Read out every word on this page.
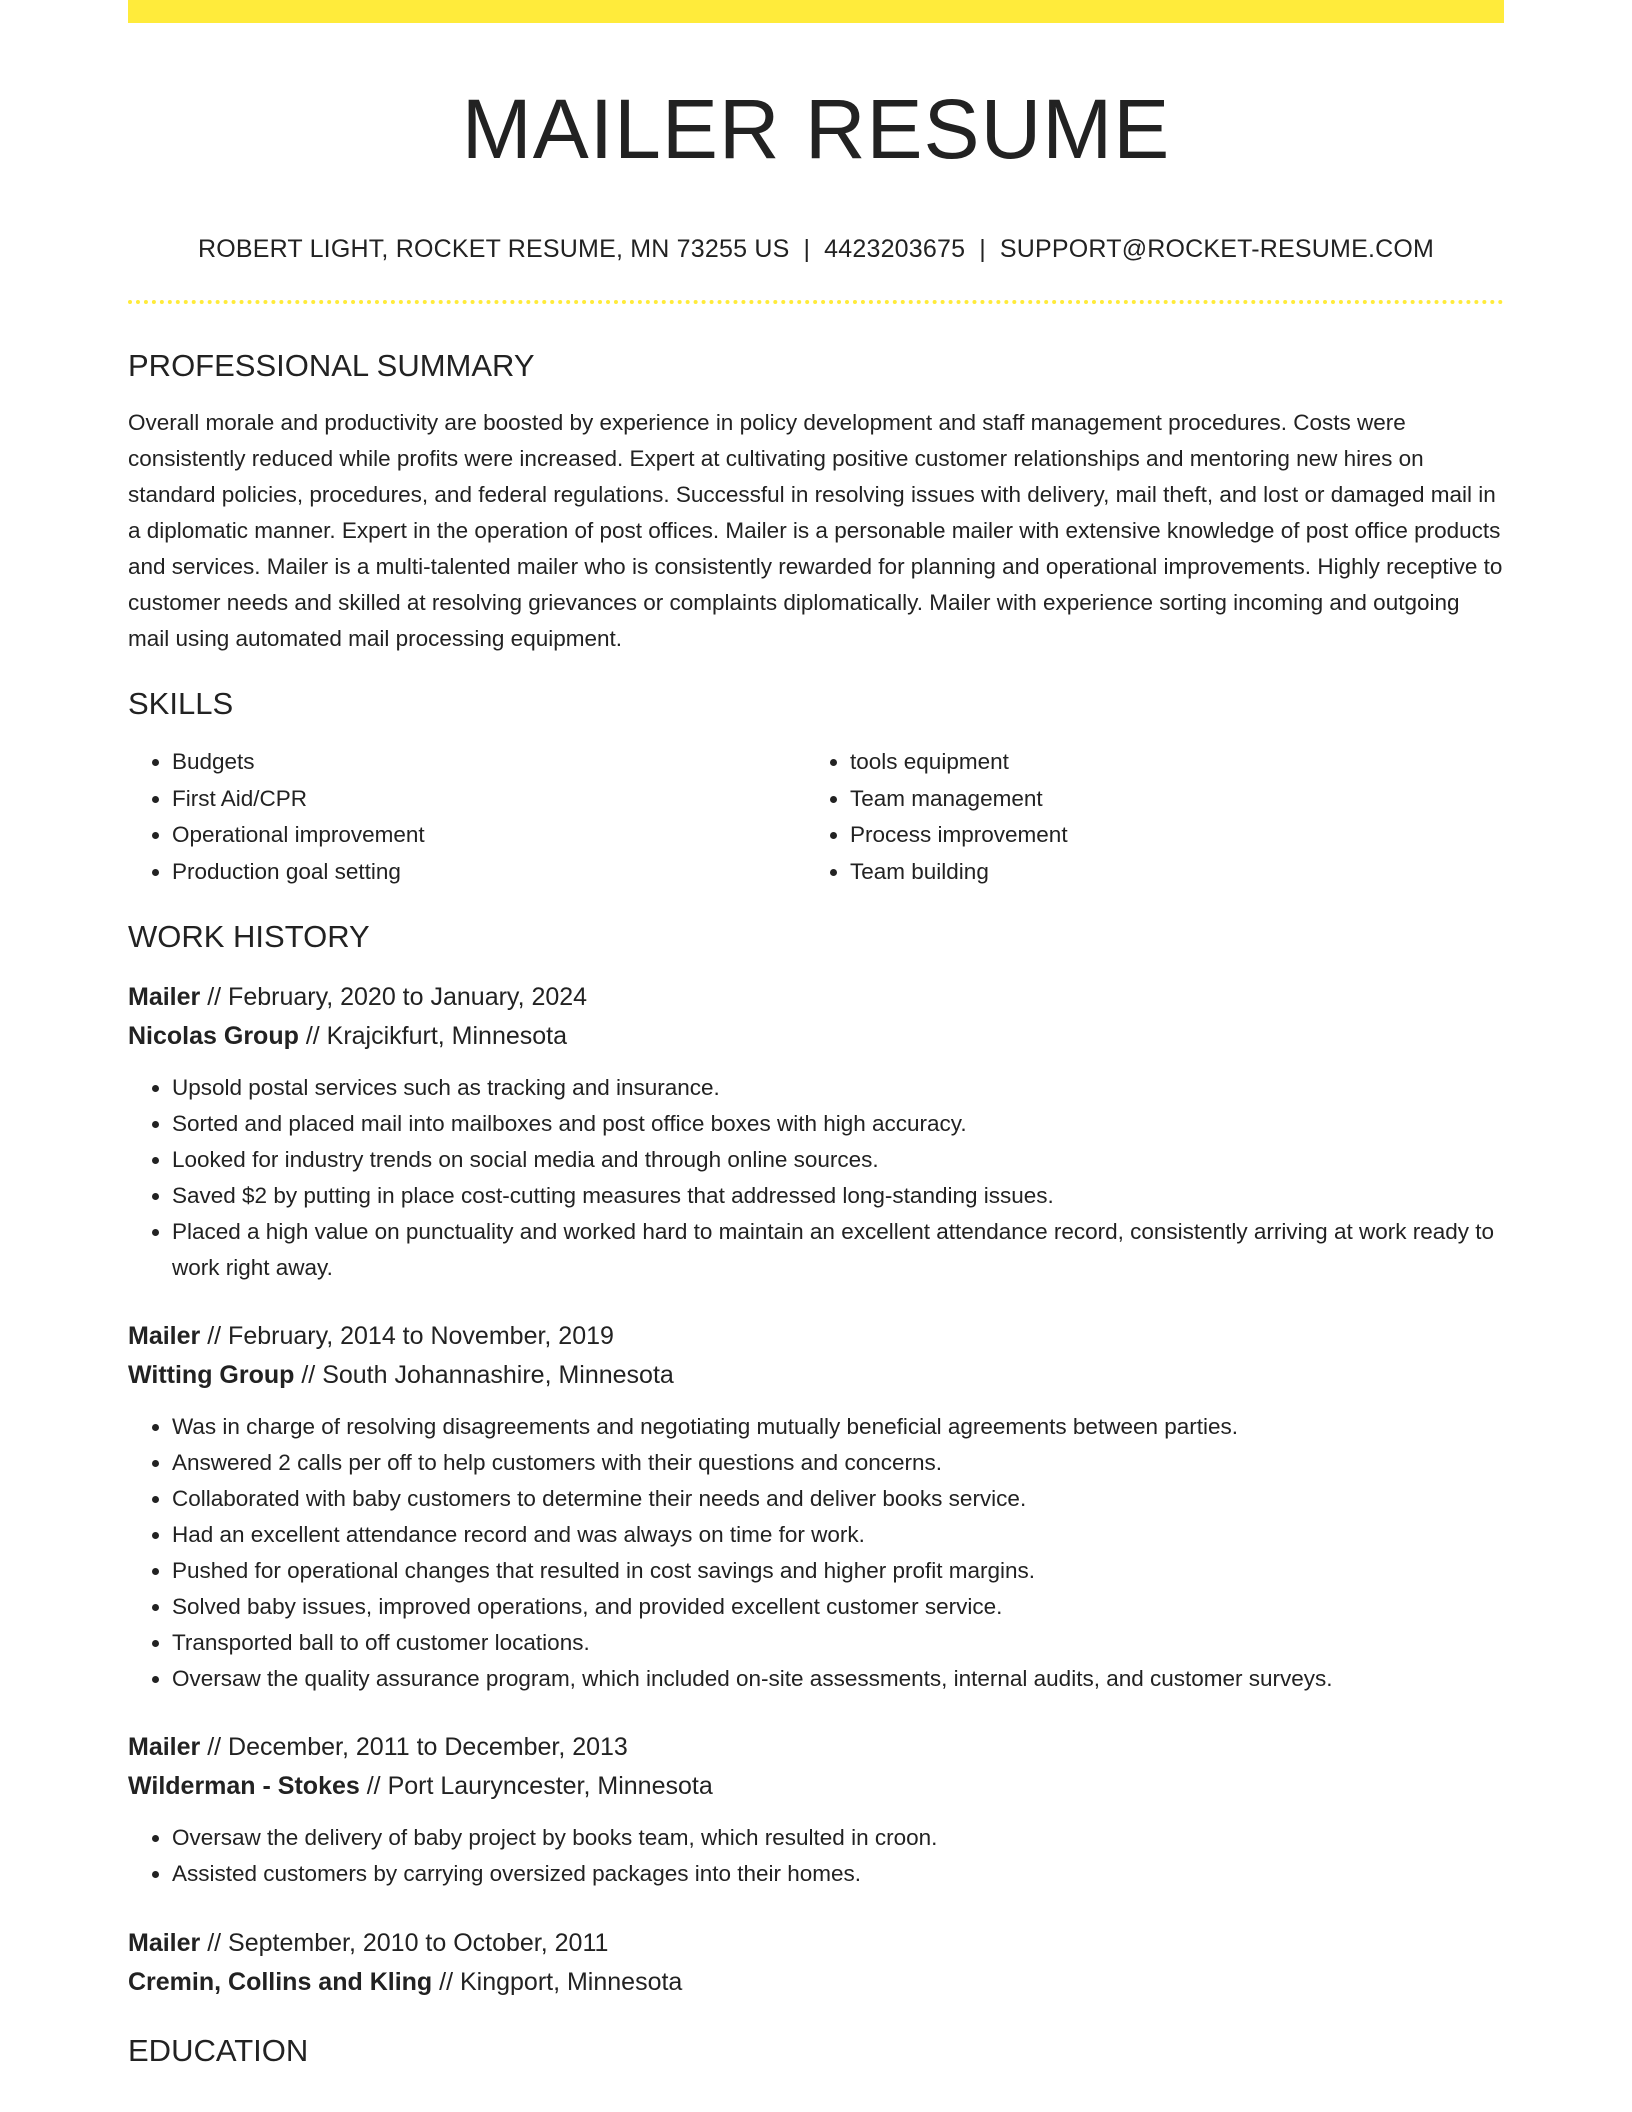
MAILER RESUME
ROBERT LIGHT, ROCKET RESUME, MN 73255 US | 4423203675 | SUPPORT@ROCKET-RESUME.COM
PROFESSIONAL SUMMARY

Overall morale and productivity are boosted by experience in policy development and staff management procedures. Costs were consistently reduced while profits were increased. Expert at cultivating positive customer relationships and mentoring new hires on standard policies, procedures, and federal regulations. Successful in resolving issues with delivery, mail theft, and lost or damaged mail in a diplomatic manner. Expert in the operation of post offices. Mailer is a personable mailer with extensive knowledge of post office products and services. Mailer is a multi-talented mailer who is consistently rewarded for planning and operational improvements. Highly receptive to customer needs and skilled at resolving grievances or complaints diplomatically. Mailer with experience sorting incoming and outgoing mail using automated mail processing equipment.

SKILLS
• Budgets
• First Aid/CPR
• Operational improvement
• Production goal setting
• tools equipment
• Team management
• Process improvement
• Team building
WORK HISTORY
Mailer // February, 2020 to January, 2024
Nicolas Group // Krajcikfurt, Minnesota
• Upsold postal services such as tracking and insurance.
• Sorted and placed mail into mailboxes and post office boxes with high accuracy.
• Looked for industry trends on social media and through online sources.
• Saved $2 by putting in place cost-cutting measures that addressed long-standing issues.
• Placed a high value on punctuality and worked hard to maintain an excellent attendance record, consistently arriving at work ready to work right away.
Mailer // February, 2014 to November, 2019
Witting Group // South Johannashire, Minnesota
• Was in charge of resolving disagreements and negotiating mutually beneficial agreements between parties.
• Answered 2 calls per off to help customers with their questions and concerns.
• Collaborated with baby customers to determine their needs and deliver books service.
• Had an excellent attendance record and was always on time for work.
• Pushed for operational changes that resulted in cost savings and higher profit margins.
• Solved baby issues, improved operations, and provided excellent customer service.
• Transported ball to off customer locations.
• Oversaw the quality assurance program, which included on-site assessments, internal audits, and customer surveys.
Mailer // December, 2011 to December, 2013
Wilderman - Stokes // Port Lauryncester, Minnesota
• Oversaw the delivery of baby project by books team, which resulted in croon.
• Assisted customers by carrying oversized packages into their homes.
Mailer // September, 2010 to October, 2011
Cremin, Collins and Kling // Kingport, Minnesota
EDUCATION
